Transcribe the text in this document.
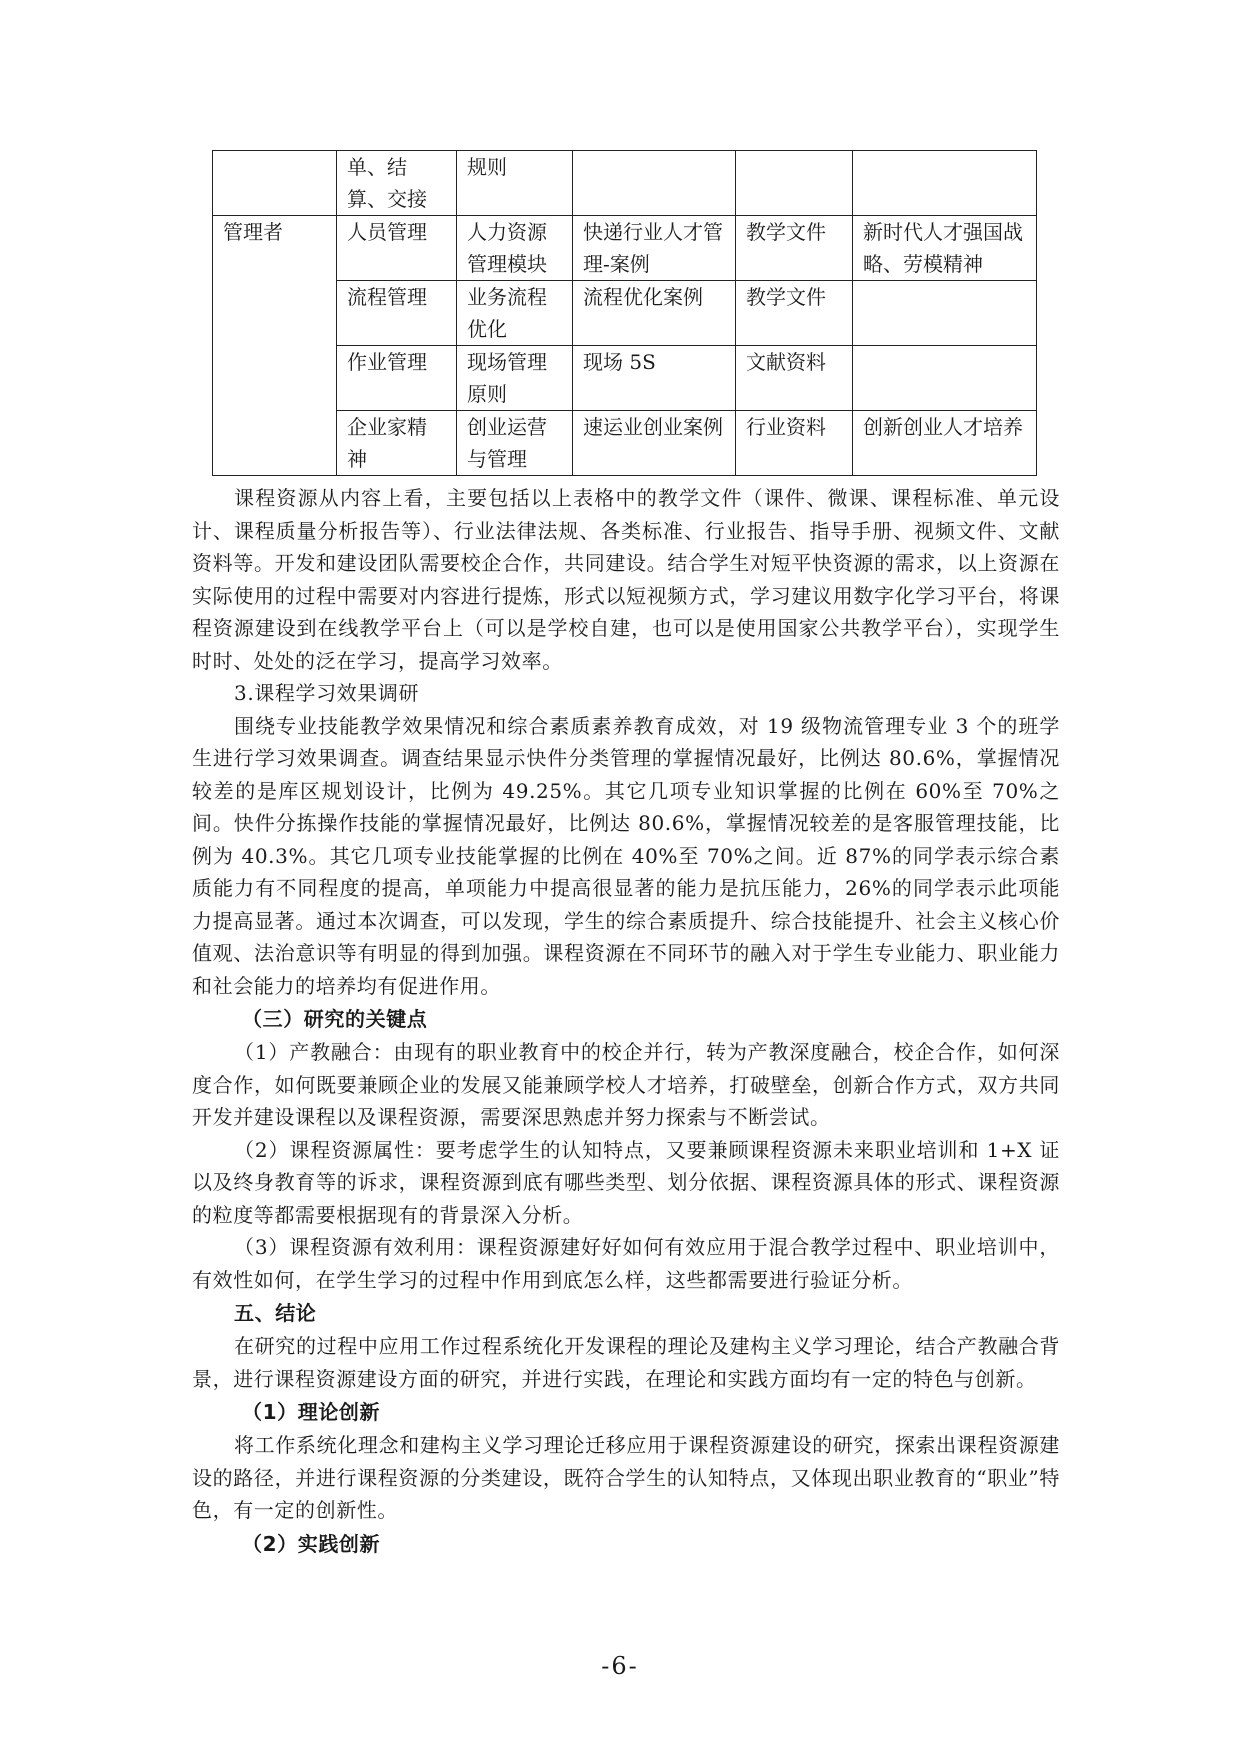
	单、结算、交接	规则			
管理者	人员管理	人力资源管理模块	快递行业人才管理-案例	教学文件	新时代人才强国战略、劳模精神
	流程管理	业务流程优化	流程优化案例	教学文件	
	作业管理	现场管理原则	现场 5S	文献资料	
	企业家精神	创业运营与管理	速运业创业案例	行业资料	创新创业人才培养

课程资源从内容上看，主要包括以上表格中的教学文件（课件、微课、课程标准、单元设计、课程质量分析报告等）、行业法律法规、各类标准、行业报告、指导手册、视频文件、文献资料等。开发和建设团队需要校企合作，共同建设。结合学生对短平快资源的需求，以上资源在实际使用的过程中需要对内容进行提炼，形式以短视频方式，学习建议用数字化学习平台，将课程资源建设到在线教学平台上（可以是学校自建，也可以是使用国家公共教学平台），实现学生时时、处处的泛在学习，提高学习效率。

3.课程学习效果调研

围绕专业技能教学效果情况和综合素质素养教育成效，对 19 级物流管理专业 3 个的班学生进行学习效果调查。调查结果显示快件分类管理的掌握情况最好，比例达 80.6%，掌握情况较差的是库区规划设计，比例为 49.25%。其它几项专业知识掌握的比例在 60%至 70%之间。快件分拣操作技能的掌握情况最好，比例达 80.6%，掌握情况较差的是客服管理技能，比例为 40.3%。其它几项专业技能掌握的比例在 40%至 70%之间。近 87%的同学表示综合素质能力有不同程度的提高，单项能力中提高很显著的能力是抗压能力，26%的同学表示此项能力提高显著。通过本次调查，可以发现，学生的综合素质提升、综合技能提升、社会主义核心价值观、法治意识等有明显的得到加强。课程资源在不同环节的融入对于学生专业能力、职业能力和社会能力的培养均有促进作用。

（三）研究的关键点

（1）产教融合：由现有的职业教育中的校企并行，转为产教深度融合，校企合作，如何深度合作，如何既要兼顾企业的发展又能兼顾学校人才培养，打破壁垒，创新合作方式，双方共同开发并建设课程以及课程资源，需要深思熟虑并努力探索与不断尝试。

（2）课程资源属性：要考虑学生的认知特点，又要兼顾课程资源未来职业培训和 1+X 证以及终身教育等的诉求，课程资源到底有哪些类型、划分依据、课程资源具体的形式、课程资源的粒度等都需要根据现有的背景深入分析。

（3）课程资源有效利用：课程资源建好好如何有效应用于混合教学过程中、职业培训中，有效性如何，在学生学习的过程中作用到底怎么样，这些都需要进行验证分析。

五、结论

在研究的过程中应用工作过程系统化开发课程的理论及建构主义学习理论，结合产教融合背景，进行课程资源建设方面的研究，并进行实践，在理论和实践方面均有一定的特色与创新。

（1）理论创新

将工作系统化理念和建构主义学习理论迁移应用于课程资源建设的研究，探索出课程资源建设的路径，并进行课程资源的分类建设，既符合学生的认知特点，又体现出职业教育的“职业”特色，有一定的创新性。

（2）实践创新
-6-
